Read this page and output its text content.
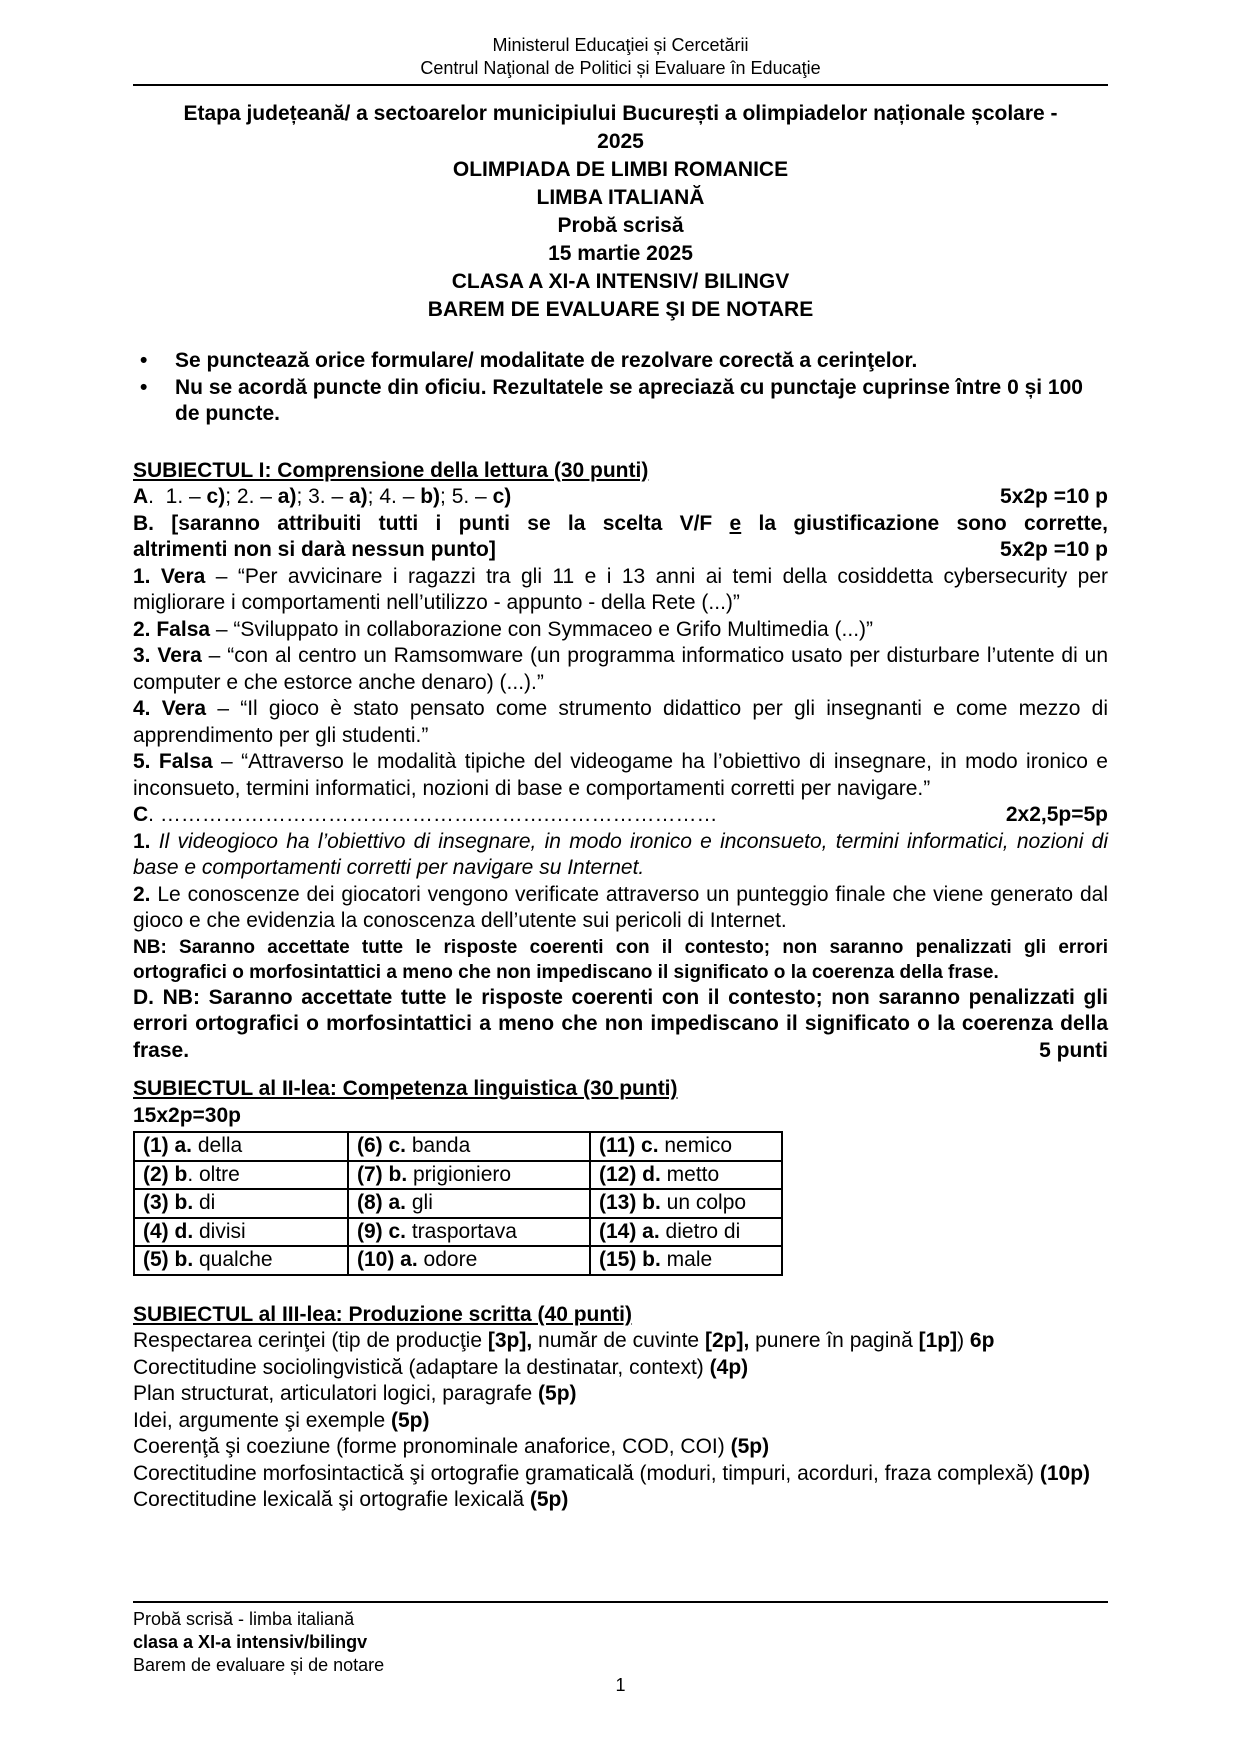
Ministerul Educaţiei și Cercetării
Centrul Naţional de Politici și Evaluare în Educaţie
Etapa județeană/ a sectoarelor municipiului București a olimpiadelor naționale școlare -
2025
OLIMPIADA DE LIMBI ROMANICE
LIMBA ITALIANĂ
Probă scrisă
15 martie 2025
CLASA A XI-A INTENSIV/ BILINGV
BAREM DE EVALUARE ŞI DE NOTARE
• Se punctează orice formulare/ modalitate de rezolvare corectă a cerinţelor.
• Nu se acordă puncte din oficiu. Rezultatele se apreciază cu punctaje cuprinse între 0 și 100 de puncte.
SUBIECTUL I: Comprensione della lettura (30 punti)
A.  1. – c); 2. – a); 3. – a); 4. – b); 5. – c)	5x2p =10 p
B. [saranno attribuiti tutti i punti se la scelta V/F e la giustificazione sono corrette,
altrimenti non si darà nessun punto]	5x2p =10 p

1. Vera – “Per avvicinare i ragazzi tra gli 11 e i 13 anni ai temi della cosiddetta cybersecurity per migliorare i comportamenti nell’utilizzo - appunto - della Rete (...)”

2. Falsa – “Sviluppato in collaborazione con Symmaceo e Grifo Multimedia (...)”

3. Vera – “con al centro un Ramsomware (un programma informatico usato per disturbare l’utente di un computer e che estorce anche denaro) (...).”

4. Vera – “Il gioco è stato pensato come strumento didattico per gli insegnanti e come mezzo di apprendimento per gli studenti.”

5. Falsa – “Attraverso le modalità tipiche del videogame ha l’obiettivo di insegnare, in modo ironico e inconsueto, termini informatici, nozioni di base e comportamenti corretti per navigare.”

C. ……………………………………….……….……………………	2x2,5p=5p

1. Il videogioco ha l’obiettivo di insegnare, in modo ironico e inconsueto, termini informatici, nozioni di base e comportamenti corretti per navigare su Internet.

2. Le conoscenze dei giocatori vengono verificate attraverso un punteggio finale che viene generato dal gioco e che evidenzia la conoscenza dell’utente sui pericoli di Internet.

NB: Saranno accettate tutte le risposte coerenti con il contesto; non saranno penalizzati gli errori ortografici o morfosintattici a meno che non impediscano il significato o la coerenza della frase.

D. NB: Saranno accettate tutte le risposte coerenti con il contesto; non saranno penalizzati gli errori ortografici o morfosintattici a meno che non impediscano il significato o la coerenza della frase.	5 punti

SUBIECTUL al II-lea: Competenza linguistica (30 punti)
15x2p=30p
(1) a. della	(6) c. banda	(11) c. nemico
(2) b. oltre	(7) b. prigioniero	(12) d. metto
(3) b. di	(8) a. gli	(13) b. un colpo
(4) d. divisi	(9) c. trasportava	(14) a. dietro di
(5) b. qualche	(10) a. odore	(15) b. male
SUBIECTUL al III-lea: Produzione scritta (40 punti)

Respectarea cerinţei (tip de producţie [3p], număr de cuvinte [2p], punere în pagină [1p]) 6p

Corectitudine sociolingvistică (adaptare la destinatar, context) (4p)

Plan structurat, articulatori logici, paragrafe (5p)

Idei, argumente şi exemple (5p)

Coerenţă şi coeziune (forme pronominale anaforice, COD, COI) (5p)

Corectitudine morfosintactică şi ortografie gramaticală (moduri, timpuri, acorduri, fraza complexă) (10p)

Corectitudine lexicală şi ortografie lexicală (5p)

Probă scrisă - limba italiană
clasa a XI-a intensiv/bilingv
Barem de evaluare și de notare
1
